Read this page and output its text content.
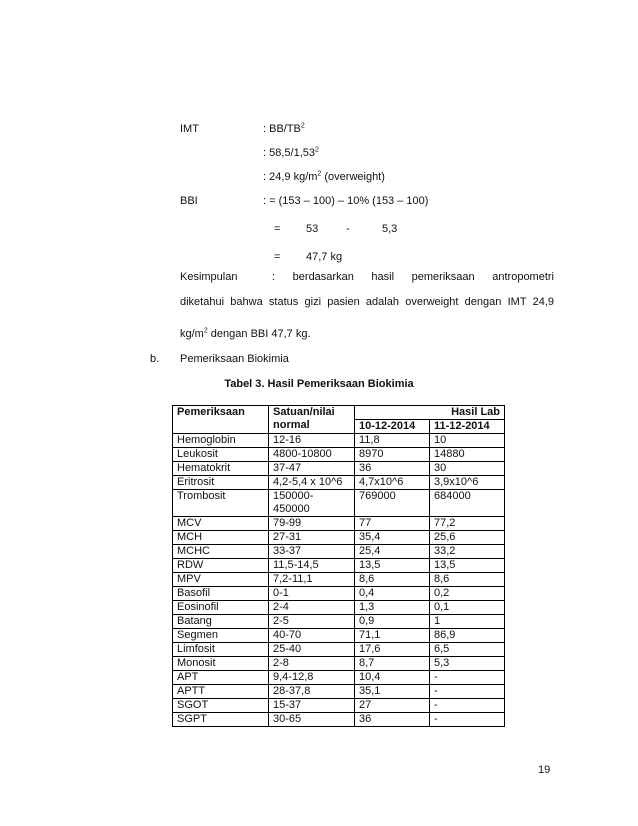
IMT	: $BB/TB^2$
: 58,5/1,53$^2$
: 24,9 $kg/m^2$ (overweight)
BBI	: = (153 – 100) – 10% (153 – 100)
= 53	-	5,3
= 47,7 kg
Kesimpulan	: berdasarkan hasil pemeriksaan antropometri
diketahui bahwa status gizi pasien adalah overweight dengan IMT 24,9
$kg/m^2$ dengan BBI 47,7 kg.
b. Pemeriksaan Biokimia
Tabel 3. Hasil Pemeriksaan Biokimia
Pemeriksaan	Satuan/nilai normal	Hasil Lab	
		10-12-2014	11-12-2014
Hemoglobin	12-16	11,8	10
Leukosit	4800-10800	8970	14880
Hematokrit	37-47	36	30
Eritrosit	4,2-5,4 x 10^6	4,7x10^6	3,9x10^6
Trombosit	150000-450000	769000	684000
MCV	79-99	77	77,2
MCH	27-31	35,4	25,6
MCHC	33-37	25,4	33,2
RDW	11,5-14,5	13,5	13,5
MPV	7,2-11,1	8,6	8,6
Basofil	0-1	0,4	0,2
Eosinofil	2-4	1,3	0,1
Batang	2-5	0,9	1
Segmen	40-70	71,1	86,9
Limfosit	25-40	17,6	6,5
Monosit	2-8	8,7	5,3
APT	9,4-12,8	10,4	-
APTT	28-37,8	35,1	-
SGOT	15-37	27	-
SGPT	30-65	36	-
19
